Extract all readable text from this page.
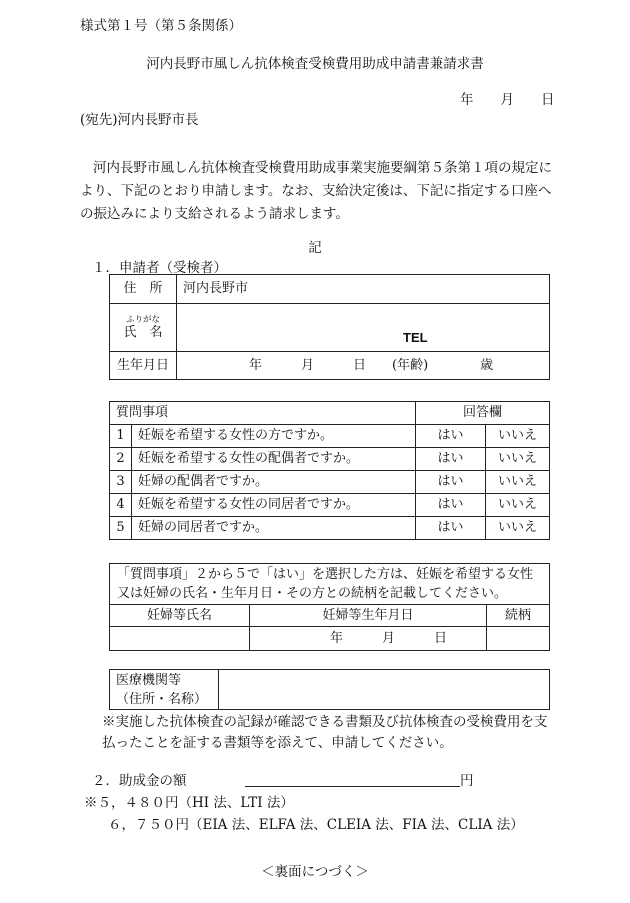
様式第１号（第５条関係）
河内長野市風しん抗体検査受検費用助成申請書兼請求書
年　　月　　日
(宛先)河内長野市長
河内長野市風しん抗体検査受検費用助成事業実施要綱第５条第１項の規定により、下記のとおり申請します。なお、支給決定後は、下記に指定する口座への振込みにより支給されるよう請求します。
記
１．申請者（受検者）
住　所	河内長野市

ふりがな
氏　名	TEL

生年月日	年　　　月　　　日　　(年齢)　　　　歳
質問事項		回答欄	
1	妊娠を希望する女性の方ですか。	はい	いいえ
2	妊娠を希望する女性の配偶者ですか。	はい	いいえ
3	妊婦の配偶者ですか。	はい	いいえ
4	妊娠を希望する女性の同居者ですか。	はい	いいえ
5	妊婦の同居者ですか。	はい	いいえ
「質問事項」２から５で「はい」を選択した方は、妊娠を希望する女性又は妊婦の氏名・生年月日・その方との続柄を記載してください。		
妊婦等氏名	妊婦等生年月日	続柄
	年　　　月　　　日	
医療機関等
（住所・名称）

※実施した抗体検査の記録が確認できる書類及び抗体検査の受検費用を支払ったことを証する書類等を添えて、申請してください。
２．助成金の額	円
※５，４８０円（HI 法、LTI 法）
６，７５０円（EIA 法、ELFA 法、CLEIA 法、FIA 法、CLIA 法）
＜裏面につづく＞
